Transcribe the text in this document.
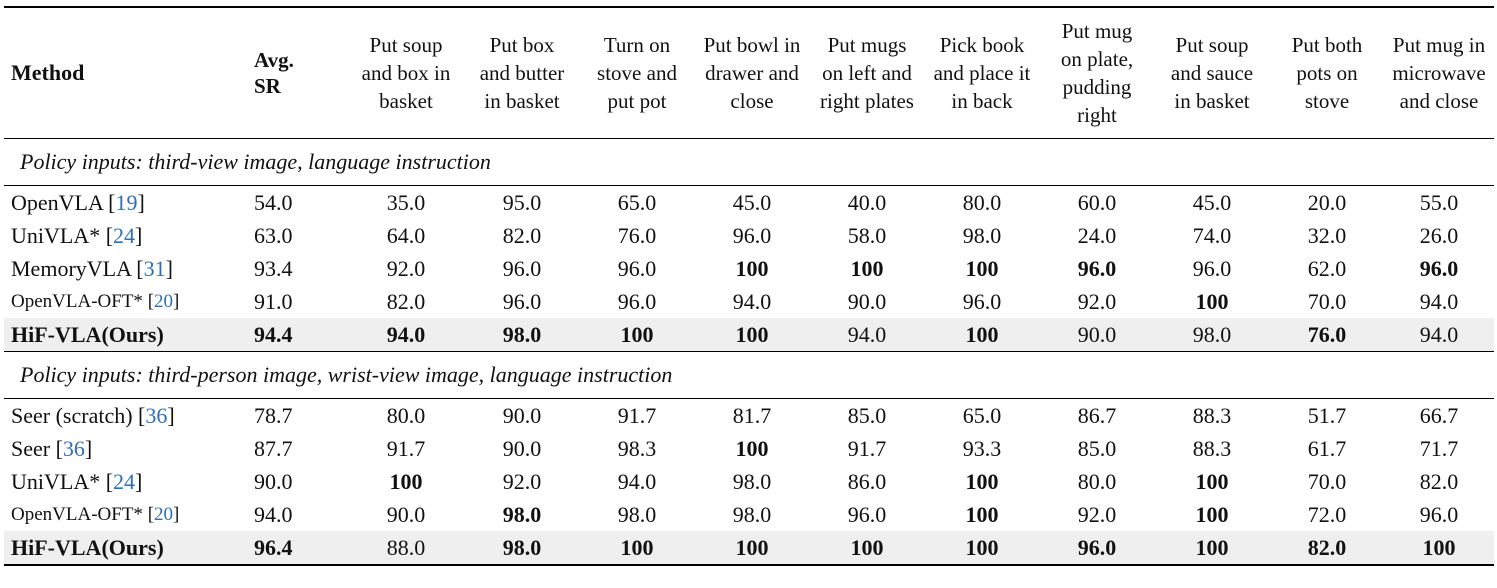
Method	Avg. SR	Put soup and box in basket	Put box and butter in basket	Turn on stove and put pot	Put bowl in drawer and close	Put mugs on left and right plates	Pick book and place it in back	Put mug on plate, pudding right	Put soup and sauce in basket	Put both pots on stove	Put mug in microwave and close
Policy inputs: third-view image, language instruction											
OpenVLA [19]	54.0	35.0	95.0	65.0	45.0	40.0	80.0	60.0	45.0	20.0	55.0
UniVLA* [24]	63.0	64.0	82.0	76.0	96.0	58.0	98.0	24.0	74.0	32.0	26.0
MemoryVLA [31]	93.4	92.0	96.0	96.0	100	100	100	96.0	96.0	62.0	96.0
OpenVLA-OFT* [20]	91.0	82.0	96.0	96.0	94.0	90.0	96.0	92.0	100	70.0	94.0
HiF-VLA(Ours)	94.4	94.0	98.0	100	100	94.0	100	90.0	98.0	76.0	94.0
Policy inputs: third-person image, wrist-view image, language instruction											
Seer (scratch) [36]	78.7	80.0	90.0	91.7	81.7	85.0	65.0	86.7	88.3	51.7	66.7
Seer [36]	87.7	91.7	90.0	98.3	100	91.7	93.3	85.0	88.3	61.7	71.7
UniVLA* [24]	90.0	100	92.0	94.0	98.0	86.0	100	80.0	100	70.0	82.0
OpenVLA-OFT* [20]	94.0	90.0	98.0	98.0	98.0	96.0	100	92.0	100	72.0	96.0
HiF-VLA(Ours)	96.4	88.0	98.0	100	100	100	100	96.0	100	82.0	100
